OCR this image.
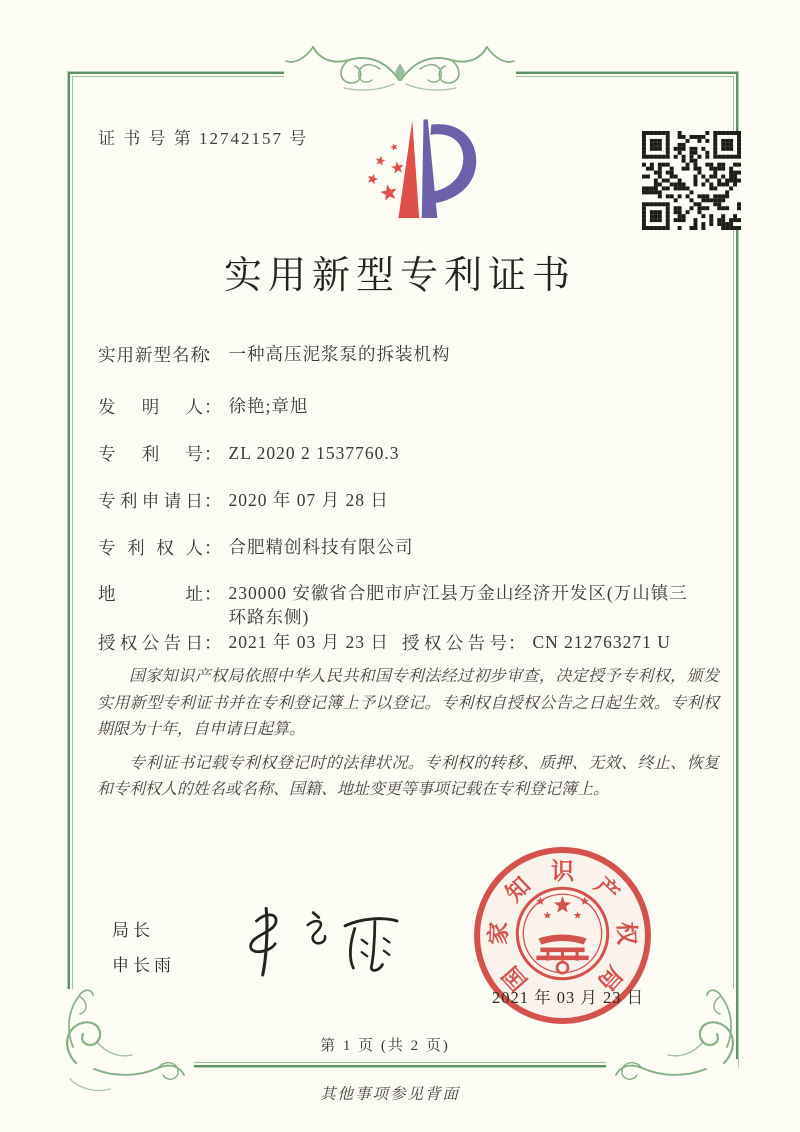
证 书 号 第 12742157 号
实用新型专利证书
实用新型名称： 一种高压泥浆泵的拆装机构
发明人： 徐艳;章旭
专利号： ZL 2020 2 1537760.3
专利申请日： 2020 年 07 月 28 日
专利权人： 合肥精创科技有限公司
地址： 230000 安徽省合肥市庐江县万金山经济开发区(万山镇三环路东侧)
授权公告日： 2021 年 03 月 23 日 授权公告号： CN 212763271 U

国家知识产权局依照中华人民共和国专利法经过初步审查，决定授予专利权，颁发实用新型专利证书并在专利登记簿上予以登记。专利权自授权公告之日起生效。专利权期限为十年，自申请日起算。

专利证书记载专利权登记时的法律状况。专利权的转移、质押、无效、终止、恢复和专利权人的姓名或名称、国籍、地址变更等事项记载在专利登记簿上。

局长
申长雨	国
家
知
识
产
权
局
2021 年 03 月 23 日
第 1 页 (共 2 页)
其他事项参见背面
